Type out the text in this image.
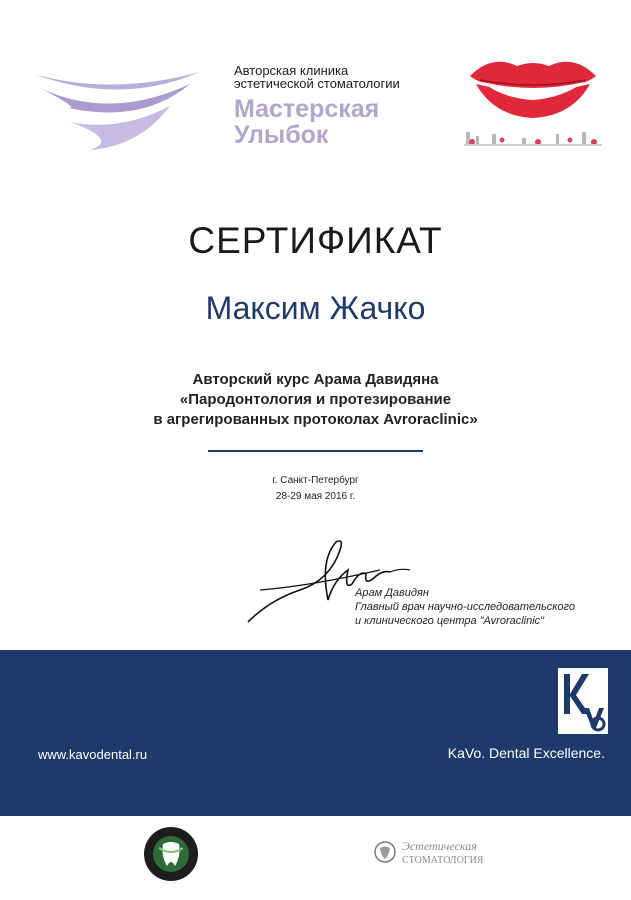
Авторская клиника
эстетической стоматологии
Мастерская
Улыбок
СЕРТИФИКАТ
Максим Жачко
Авторский курс Арама Давидяна
«Пародонтология и протезирование
в агрегированных протоколах Avroraclinic»
г. Санкт-Петербург
28-29 мая 2016 г.
Арам Давидян
Главный врач научно-исследовательского
и клинического центра "Avroraclinic"
www.kavodental.ru	KaVo. Dental Excellence.
Эстетическая
СТОМАТОЛОГИЯ
